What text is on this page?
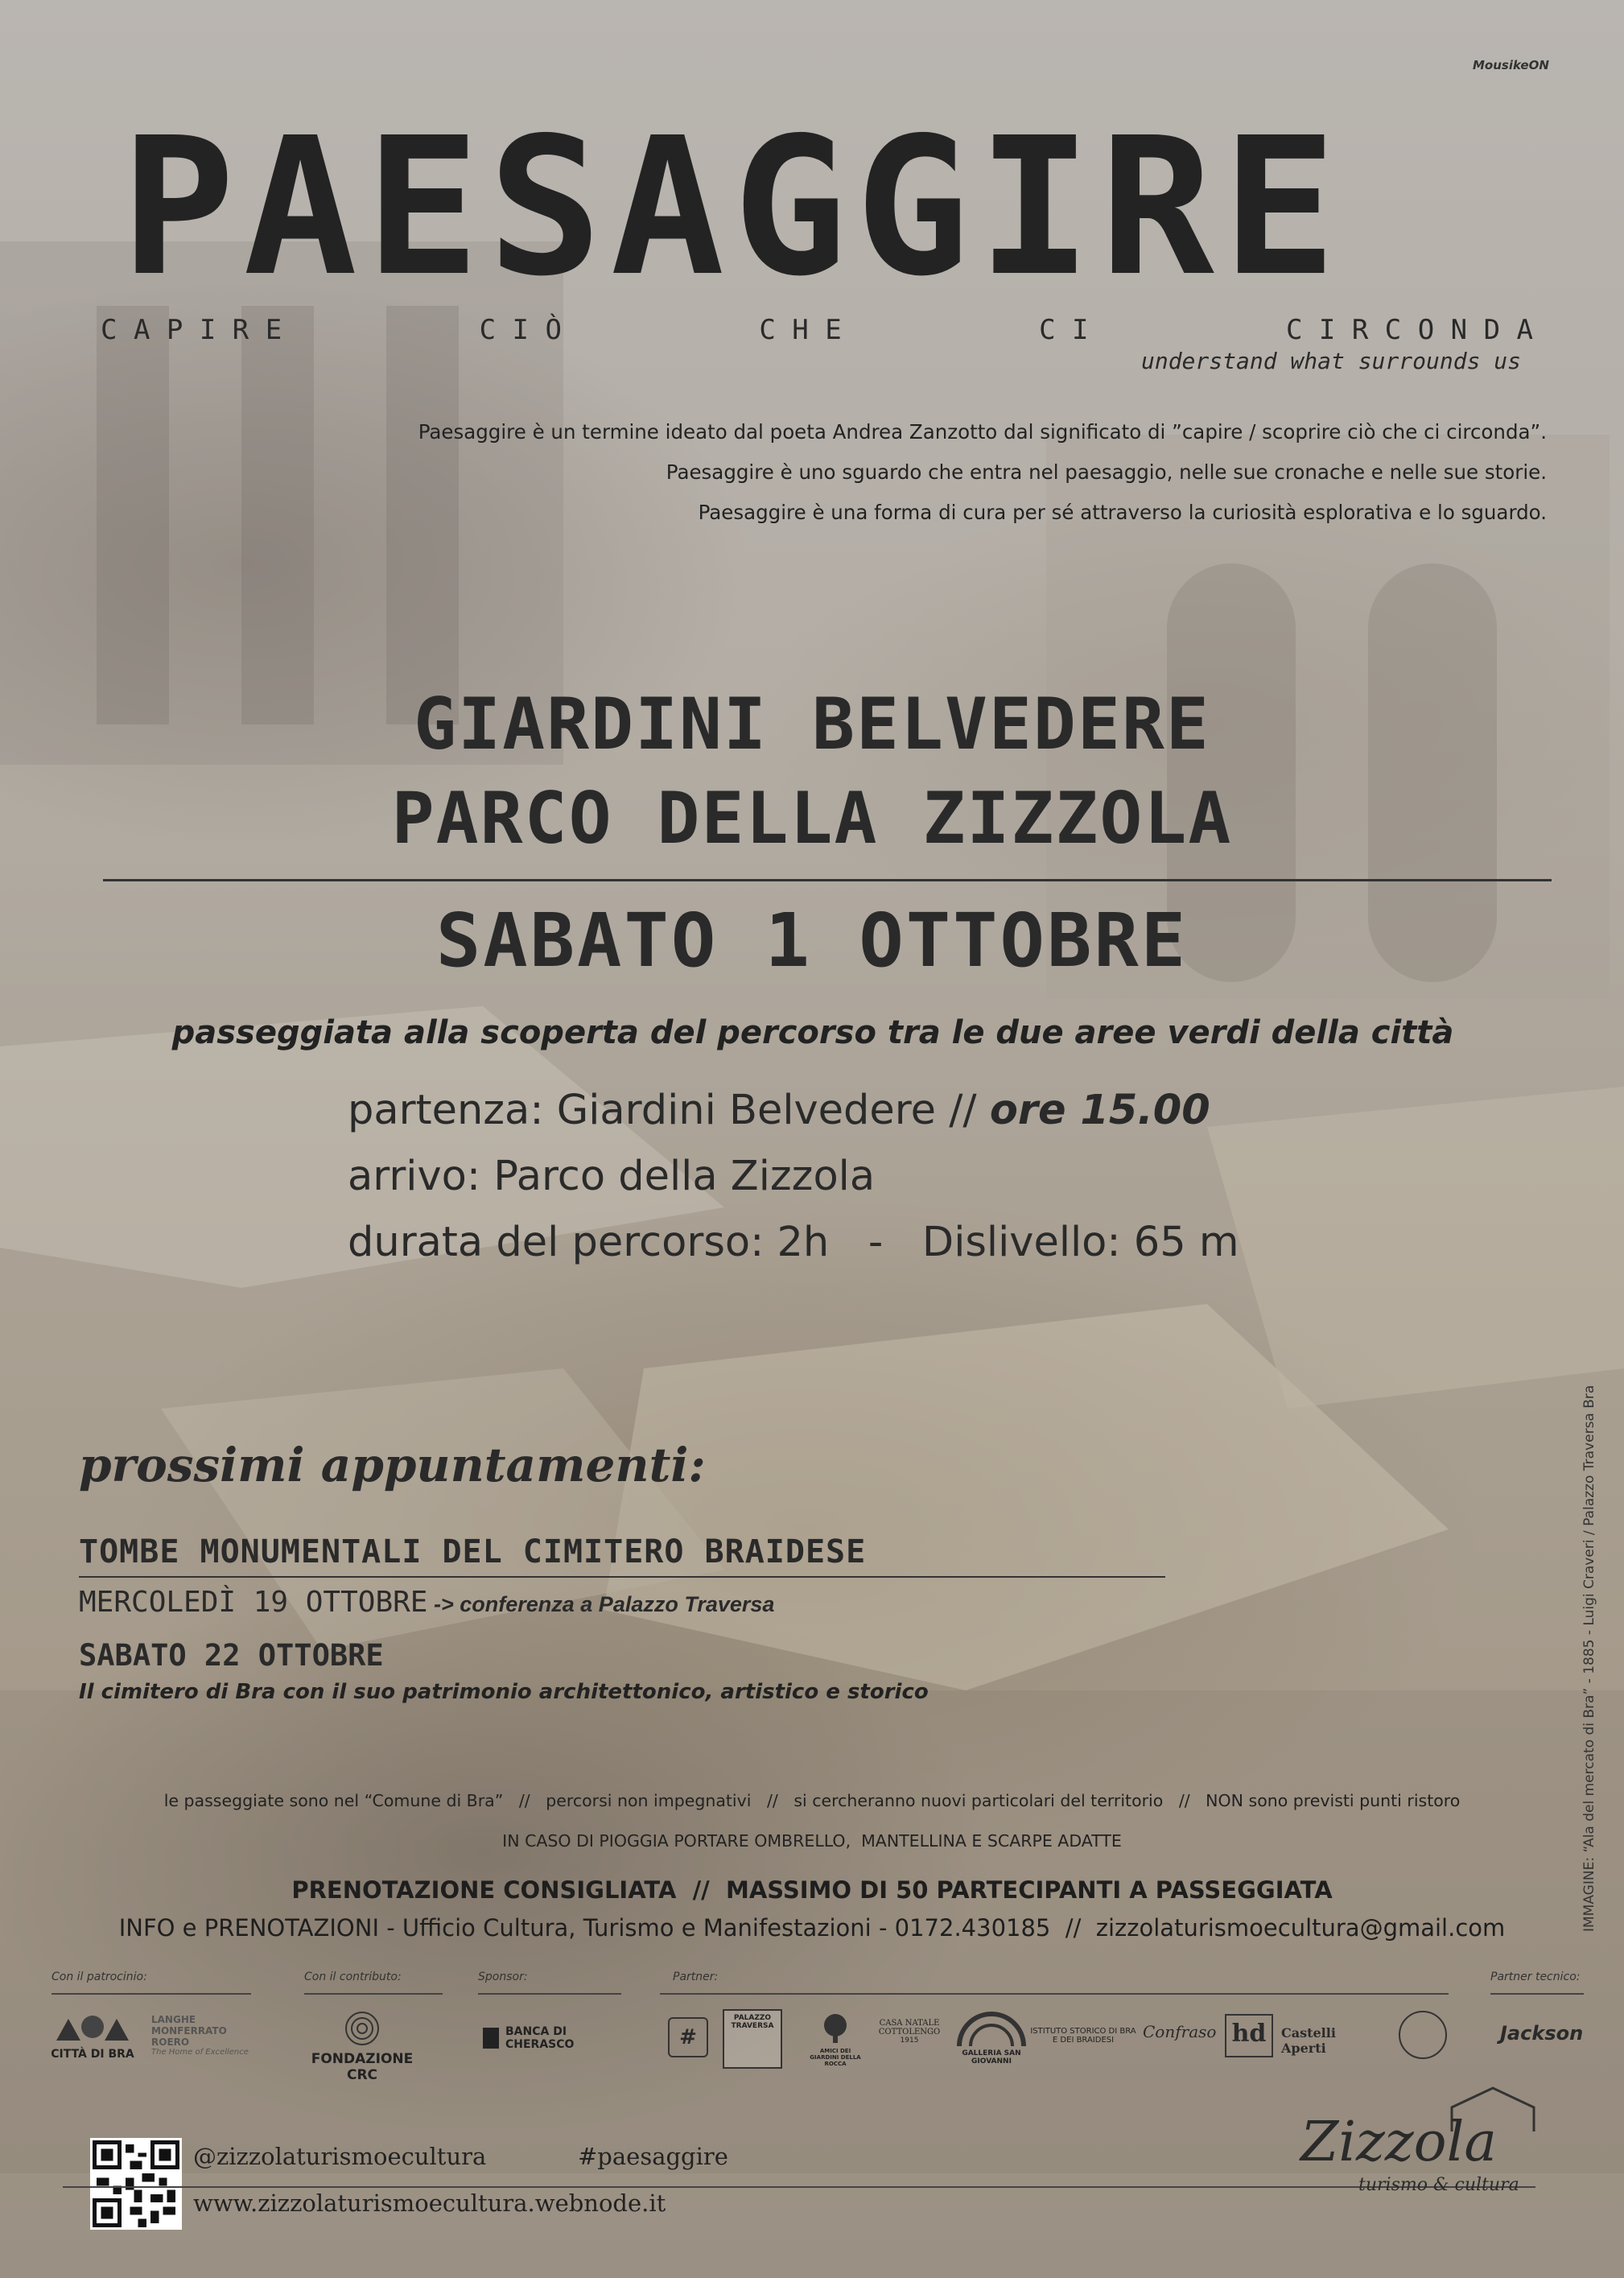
MousikeON
PAESAGGIRE
C A P I R E	C I Ò	C H E	C I	C I R C O N D A
understand what surrounds us
Paesaggire è un termine ideato dal poeta Andrea Zanzotto dal significato di ”capire / scoprire ciò che ci circonda”.
Paesaggire è uno sguardo che entra nel paesaggio, nelle sue cronache e nelle sue storie.
Paesaggire è una forma di cura per sé attraverso la curiosità esplorativa e lo sguardo.
GIARDINI BELVEDERE
PARCO DELLA ZIZZOLA
SABATO 1 OTTOBRE
passeggiata alla scoperta del percorso tra le due aree verdi della città
partenza: Giardini Belvedere // ore 15.00
arrivo: Parco della Zizzola
durata del percorso: 2h   -   Dislivello: 65 m
prossimi appuntamenti:
TOMBE MONUMENTALI DEL CIMITERO BRAIDESE
MERCOLEDÌ 19 OTTOBRE -> conferenza a Palazzo Traversa
SABATO 22 OTTOBRE
Il cimitero di Bra con il suo patrimonio architettonico, artistico e storico
le passeggiate sono nel “Comune di Bra”   //   percorsi non impegnativi   //   si cercheranno nuovi particolari del territorio   //   NON sono previsti punti ristoro
IN CASO DI PIOGGIA PORTARE OMBRELLO,  MANTELLINA E SCARPE ADATTE
PRENOTAZIONE CONSIGLIATA  //  MASSIMO DI 50 PARTECIPANTI A PASSEGGIATA
INFO e PRENOTAZIONI - Ufficio Cultura, Turismo e Manifestazioni - 0172.430185  //  zizzolaturismoecultura@gmail.com	IMMAGINE: “Ala del mercato di Bra” - 1885 - Luigi Craveri / Palazzo Traversa Bra
Con il patrocinio:	Con il contributo:	Sponsor:	Partner:	Partner tecnico:
CITTÀ DI BRA
LANGHE MONFERRATO ROERO
The Home of Excellence	FONDAZIONE CRC
BANCA DI CHERASCO	#
PALAZZO TRAVERSA
AMICI DEI GIARDINI DELLA ROCCA
CASA NATALE COTTOLENGO
1915
GALLERIA SAN GIOVANNI
ISTITUTO STORICO DI BRA E DEI BRAIDESI	Confraso hd	Castelli Aperti
Jackson
@zizzolaturismoecultura	#paesaggire
www.zizzolaturismoecultura.webnode.it
Zizzola
turismo & cultura
